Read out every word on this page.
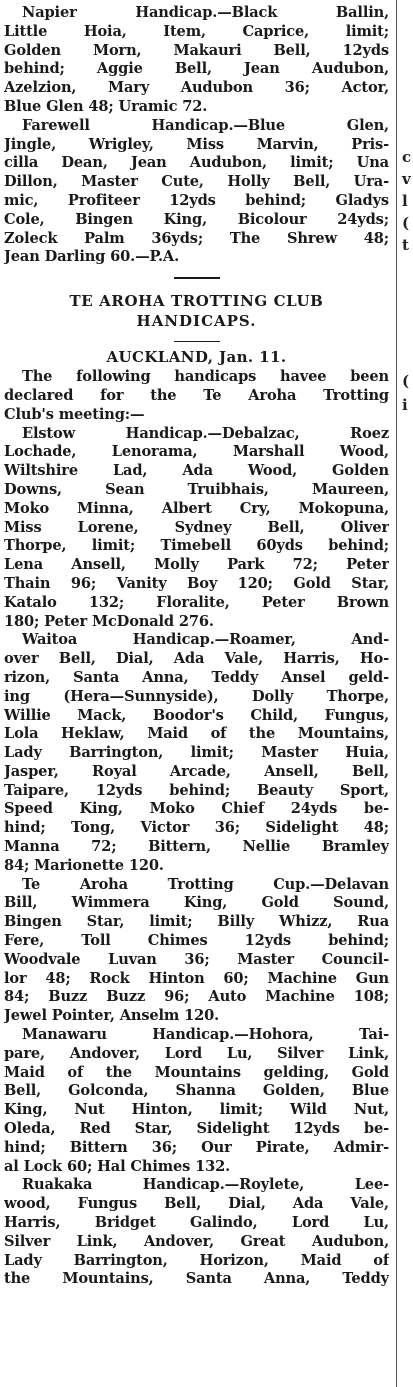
Napier Handicap.—Black Ballin,
Little Hoia, Item, Caprice, limit;
Golden Morn, Makauri Bell, 12yds
behind; Aggie Bell, Jean Audubon,
Azelzion, Mary Audubon 36; Actor,
Blue Glen 48; Uramic 72.
Farewell Handicap.—Blue Glen,
Jingle, Wrigley, Miss Marvin, Pris-
cilla Dean, Jean Audubon, limit; Una
Dillon, Master Cute, Holly Bell, Ura-
mic, Profiteer 12yds behind; Gladys
Cole, Bingen King, Bicolour 24yds;
Zoleck Palm 36yds; The Shrew 48;
Jean Darling 60.—P.A.
TE AROHA TROTTING CLUB
HANDICAPS.
AUCKLAND, Jan. 11.
The following handicaps havee been
declared for the Te Aroha Trotting
Club's meeting:—
Elstow Handicap.—Debalzac, Roez
Lochade, Lenorama, Marshall Wood,
Wiltshire Lad, Ada Wood, Golden
Downs, Sean Truibhais, Maureen,
Moko Minna, Albert Cry, Mokopuna,
Miss Lorene, Sydney Bell, Oliver
Thorpe, limit; Timebell 60yds behind;
Lena Ansell, Molly Park 72; Peter
Thain 96; Vanity Boy 120; Gold Star,
Katalo 132; Floralite, Peter Brown
180; Peter McDonald 276.
Waitoa Handicap.—Roamer, And-
over Bell, Dial, Ada Vale, Harris, Ho-
rizon, Santa Anna, Teddy Ansel geld-
ing (Hera—Sunnyside), Dolly Thorpe,
Willie Mack, Boodor's Child, Fungus,
Lola Heklaw, Maid of the Mountains,
Lady Barrington, limit; Master Huia,
Jasper, Royal Arcade, Ansell, Bell,
Taipare, 12yds behind; Beauty Sport,
Speed King, Moko Chief 24yds be-
hind; Tong, Victor 36; Sidelight 48;
Manna 72; Bittern, Nellie Bramley
84; Marionette 120.
Te Aroha Trotting Cup.—Delavan
Bill, Wimmera King, Gold Sound,
Bingen Star, limit; Billy Whizz, Rua
Fere, Toll Chimes 12yds behind;
Woodvale Luvan 36; Master Council-
lor 48; Rock Hinton 60; Machine Gun
84; Buzz Buzz 96; Auto Machine 108;
Jewel Pointer, Anselm 120.
Manawaru Handicap.—Hohora, Tai-
pare, Andover, Lord Lu, Silver Link,
Maid of the Mountains gelding, Gold
Bell, Golconda, Shanna Golden, Blue
King, Nut Hinton, limit; Wild Nut,
Oleda, Red Star, Sidelight 12yds be-
hind; Bittern 36; Our Pirate, Admir-
al Lock 60; Hal Chimes 132.
Ruakaka Handicap.—Roylete, Lee-
wood, Fungus Bell, Dial, Ada Vale,
Harris, Bridget Galindo, Lord Lu,
Silver Link, Andover, Great Audubon,
Lady Barrington, Horizon, Maid of
the Mountains, Santa Anna, Teddy
c
v
l
(
t
(
i
